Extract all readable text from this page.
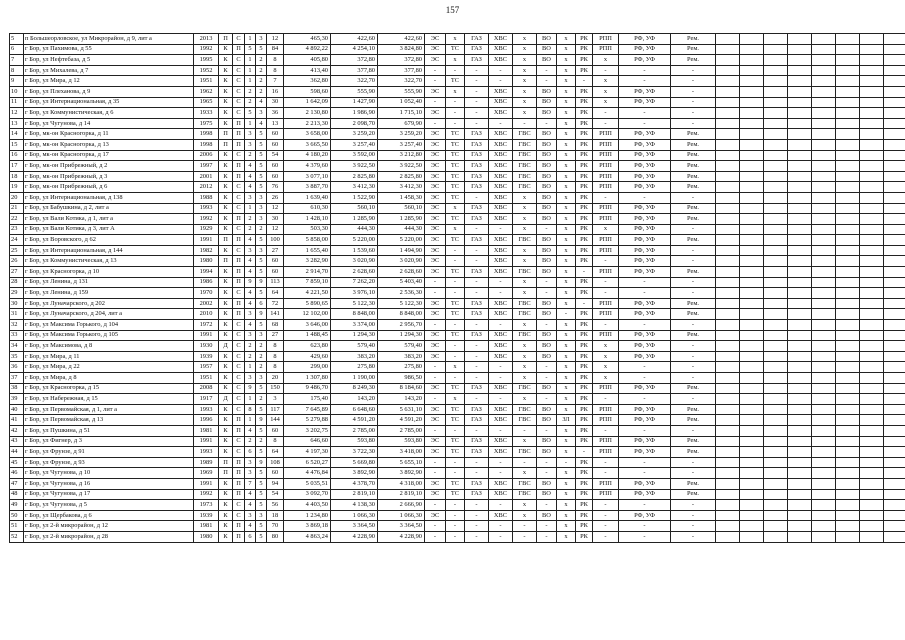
157
5	п Большеорловское, ул Микрорайон, д 9, лит а	2013	П	С	1	3	12	465,30	422,60	422,60	ЭС	х	ГАЗ	ХВС	х	ВО	х	РК	РПП	РФ, УФ	Рем.								
6	г Бор, ул Пахимова, д 55	1992	К	П	5	5	84	4 892,22	4 254,10	3 824,80	ЭС	ТС	ГАЗ	ХВС	х	ВО	х	РК	РПП	РФ, УФ	Рем.								
7	г Бор, ул Нефтебаза, д 5	1995	К	С	1	2	8	405,80	372,80	372,80	ЭС	х	ГАЗ	ХВС	х	ВО	х	РК	х	РФ, УФ	Рем.								
8	г Бор, ул Михалева, д 7	1952	К	С	1	2	8	413,40	377,80	377,80	-	-	-	-	х	-	х	РК	-	-	-								
9	г Бор, ул Мира, д 12	1951	К	С	1	2	7	362,80	322,70	322,70	-	ТС	-	-	х	-	х	-	х	-	-								
10	г Бор, ул Плеханова, д 9	1962	К	С	2	2	16	598,60	555,90	555,90	ЭС	х	-	ХВС	х	ВО	х	РК	х	РФ, УФ	-								
11	г Бор, ул Интернациональная, д 35	1965	К	С	2	4	30	1 642,09	1 427,90	1 052,40	-	-	-	ХВС	х	ВО	х	РК	х	РФ, УФ	-								
12	г Бор, ул Коммунистическая, д 6	1933	К	С	5	3	36	2 130,80	1 986,90	1 715,10	ЭС	-	-	ХВС	х	ВО	х	РК	-	-	-								
13	г Бор, ул Чугунова, д 14	1975	К	П	1	4	13	2 213,30	2 098,70	679,90	-	-	-	-	-	-	х	РК	-	-	-								
14	г Бор, мк-он Красногорка, д 11	1998	П	П	3	5	60	3 658,00	3 259,20	3 259,20	ЭС	ТС	ГАЗ	ХВС	ГВС	ВО	х	РК	РПП	РФ, УФ	Рем.								
15	г Бор, мк-он Красногорка, д 13	1998	П	П	3	5	60	3 665,50	3 257,40	3 257,40	ЭС	ТС	ГАЗ	ХВС	ГВС	ВО	х	РК	РПП	РФ, УФ	Рем.								
16	г Бор, мк-он Красногорка, д 17	2006	К	С	2	5	54	4 180,20	3 592,00	3 212,80	ЭС	ТС	ГАЗ	ХВС	ГВС	ВО	х	РК	РПП	РФ, УФ	Рем.								
17	г Бор, мк-он Прибрежный, д 2	1997	К	П	4	5	60	4 379,60	3 922,50	3 922,50	ЭС	ТС	ГАЗ	ХВС	ГВС	ВО	х	РК	РПП	РФ, УФ	Рем.								
18	г Бор, мк-он Прибрежный, д 3	2001	К	П	4	5	60	3 077,10	2 825,80	2 825,80	ЭС	ТС	ГАЗ	ХВС	ГВС	ВО	х	РК	РПП	РФ, УФ	Рем.								
19	г Бор, мк-он Прибрежный, д 6	2012	К	С	4	5	76	3 887,70	3 412,30	3 412,30	ЭС	ТС	ГАЗ	ХВС	ГВС	ВО	х	РК	РПП	РФ, УФ	Рем.								
20	г Бор, ул Интернациональная, д 138	1988	К	С	3	3	26	1 639,40	1 522,90	1 458,30	ЭС	ТС	-	ХВС	х	ВО	х	РК	-	-	-								
21	г Бор, ул Бабушкина, д 2, лит а	1993	К	С	1	3	12	610,30	560,10	560,10	ЭС	х	ГАЗ	ХВС	х	ВО	х	РК	РПП	РФ, УФ	Рем.								
22	г Бор, ул Вали Котика, д 1, лит а	1992	К	П	2	3	30	1 428,10	1 285,90	1 285,90	ЭС	ТС	ГАЗ	ХВС	х	ВО	х	РК	РПП	РФ, УФ	Рем.								
23	г Бор, ул Вали Котика, д 3, лит А	1929	К	С	2	2	12	503,30	444,30	444,30	ЭС	х	-	-	х	-	х	РК	х	РФ, УФ	-								
24	г Бор, ул Воровского, д 62	1991	П	П	4	5	100	5 858,00	5 220,00	5 220,00	ЭС	ТС	ГАЗ	ХВС	ГВС	ВО	х	РК	РПП	РФ, УФ	Рем.								
25	г Бор, ул Интернациональная, д 144	1982	К	С	3	3	27	1 655,40	1 539,60	1 494,90	ЭС	-	-	ХВС	х	ВО	х	РК	РПП	РФ, УФ	-								
26	г Бор, ул Коммунистическая, д 13	1980	П	П	4	5	60	3 282,90	3 020,90	3 020,90	ЭС	-	-	ХВС	х	ВО	х	РК	-	РФ, УФ	-								
27	г Бор, ул Красногорка, д 10	1994	К	П	4	5	60	2 914,70	2 628,60	2 628,60	ЭС	ТС	ГАЗ	ХВС	ГВС	ВО	х	-	РПП	РФ, УФ	Рем.								
28	г Бор, ул Ленина, д 131	1986	К	П	9	9	113	7 859,10	7 262,20	5 403,40	-	-	-	-	х	-	х	РК	-	-	-								
29	г Бор, ул Ленина, д 159	1970	К	С	4	5	64	4 221,50	3 976,10	2 536,30	-	-	-	-	х	-	х	РК	-	-	-								
30	г Бор, ул Луначарского, д 202	2002	К	П	4	6	72	5 890,65	5 122,30	5 122,30	ЭС	ТС	ГАЗ	ХВС	ГВС	ВО	х	-	РПП	РФ, УФ	Рем.								
31	г Бор, ул Луначарского, д 204, лит а	2010	К	П	3	9	141	12 102,00	8 848,00	8 848,00	ЭС	ТС	ГАЗ	ХВС	ГВС	ВО	-	РК	РПП	РФ, УФ	Рем.								
32	г Бор, ул Максима Горького, д 104	1972	К	С	4	5	68	3 646,00	3 374,00	2 956,70	-	-	-	-	х	-	х	РК	-	-	-								
33	г Бор, ул Максима Горького, д 105	1991	К	С	3	3	27	1 488,45	1 294,30	1 294,30	ЭС	ТС	ГАЗ	ХВС	ГВС	ВО	х	РК	РПП	РФ, УФ	Рем.								
34	г Бор, ул Максимова, д 8	1930	Д	С	2	2	8	623,80	579,40	579,40	ЭС	-	-	ХВС	х	ВО	х	РК	х	РФ, УФ	-								
35	г Бор, ул Мира, д 11	1939	К	С	2	2	8	429,60	383,20	383,20	ЭС	-	-	ХВС	х	ВО	х	РК	х	РФ, УФ	-								
36	г Бор, ул Мира, д 22	1957	К	С	1	2	8	299,00	275,80	275,80	-	х	-	-	х	-	х	РК	х	-	-								
37	г Бор, ул Мира, д 8	1951	К	С	3	3	20	1 307,80	1 190,00	986,50	-	-	-	-	х	-	х	РК	х	-	-								
38	г Бор, ул Красногорка, д 15	2008	К	С	9	5	150	9 486,70	8 249,30	8 184,60	ЭС	ТС	ГАЗ	ХВС	ГВС	ВО	х	РК	РПП	РФ, УФ	Рем.								
39	г Бор, ул Набережная, д 15	1917	Д	С	1	2	3	175,40	143,20	143,20	-	х	-	-	х	-	х	РК	-	-	-								
40	г Бор, ул Первомайская, д 1, лит а	1993	К	С	8	5	117	7 645,89	6 648,60	5 631,10	ЭС	ТС	ГАЗ	ХВС	ГВС	ВО	х	РК	РПП	РФ, УФ	Рем.								
41	г Бор, ул Первомайская, д 13	1996	К	П	1	9	144	5 279,88	4 591,20	4 591,20	ЭС	ТС	ГАЗ	ХВС	ГВС	ВО	ЗЛ	РК	РПП	РФ, УФ	Рем.								
42	г Бор, ул Пушкина, д 51	1981	К	П	4	5	60	3 202,75	2 785,00	2 785,00	-	-	-	-	-	-	х	РК	-	-	-								
43	г Бор, ул Фигнер, д 3	1991	К	С	2	2	8	646,60	593,80	593,80	ЭС	ТС	ГАЗ	ХВС	х	ВО	х	РК	РПП	РФ, УФ	Рем.								
44	г Бор, ул Фрунзе, д 91	1993	К	С	6	5	64	4 197,30	3 722,30	3 418,00	ЭС	ТС	ГАЗ	ХВС	ГВС	ВО	х	-	РПП	РФ, УФ	Рем.								
45	г Бор, ул Фрунзе, д 93	1989	П	П	3	9	108	6 520,27	5 669,80	5 655,10	-	-	-	-	-	-	-	РК	-	-	-								
46	г Бор, ул Чугунова, д 10	1969	П	П	3	5	60	4 476,84	3 892,90	3 892,90	-	-	-	-	х	-	х	РК	-	-	-								
47	г Бор, ул Чугунова, д 16	1991	К	П	7	5	94	5 035,51	4 378,70	4 318,00	ЭС	ТС	ГАЗ	ХВС	ГВС	ВО	х	РК	РПП	РФ, УФ	Рем.								
48	г Бор, ул Чугунова, д 17	1992	К	П	4	5	54	3 092,70	2 819,10	2 819,10	ЭС	ТС	ГАЗ	ХВС	ГВС	ВО	х	РК	РПП	РФ, УФ	Рем.								
49	г Бор, ул Чугунова, д 5	1973	К	С	4	5	56	4 403,50	4 138,30	2 666,90	-	-	-	-	х	-	х	РК	-	-	-								
50	г Бор, ул Щербакова, д 6	1939	К	С	3	3	18	1 234,80	1 066,30	1 066,30	ЭС	-	-	ХВС	х	ВО	х	РК	-	РФ, УФ	-								
51	г Бор, ул 2-й микрорайон, д 12	1981	К	П	4	5	70	3 869,18	3 364,50	3 364,50	-	-	-	-	-	-	х	РК	-	-	-								
52	г Бор, ул 2-й микрорайон, д 28	1980	К	П	6	5	80	4 863,24	4 228,90	4 228,90	-	-	-	-	-	-	х	РК	-	-	-								
